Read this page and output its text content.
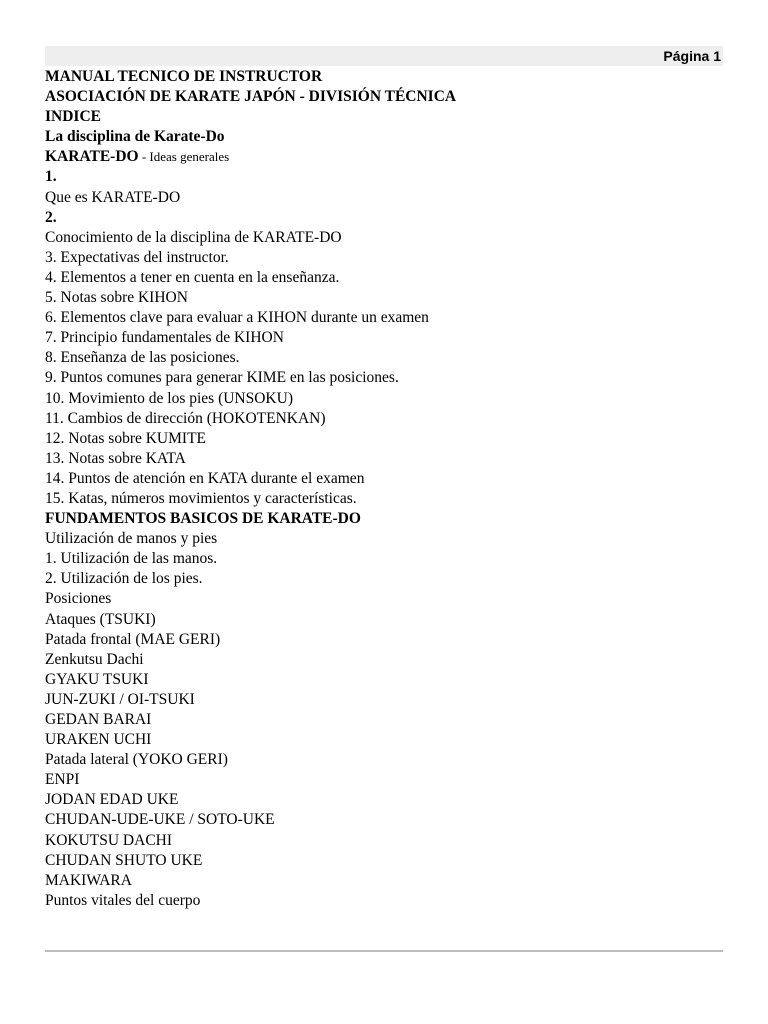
Página 1
MANUAL TECNICO DE INSTRUCTOR
ASOCIACIÓN DE KARATE JAPÓN - DIVISIÓN TÉCNICA
INDICE
La disciplina de Karate-Do
KARATE-DO - Ideas generales
1.
Que es KARATE-DO
2.
Conocimiento de la disciplina de KARATE-DO
3. Expectativas del instructor.
4. Elementos a tener en cuenta en la enseñanza.
5. Notas sobre KIHON
6. Elementos clave para evaluar a KIHON durante un examen
7. Principio fundamentales de KIHON
8. Enseñanza de las posiciones.
9. Puntos comunes para generar KIME en las posiciones.
10. Movimiento de los pies (UNSOKU)
11. Cambios de dirección (HOKOTENKAN)
12. Notas sobre KUMITE
13. Notas sobre KATA
14. Puntos de atención en KATA durante el examen
15. Katas, números movimientos y características.
FUNDAMENTOS BASICOS DE KARATE-DO
Utilización de manos y pies
1. Utilización de las manos.
2. Utilización de los pies.
Posiciones
Ataques (TSUKI)
Patada frontal (MAE GERI)
Zenkutsu Dachi
GYAKU TSUKI
JUN-ZUKI / OI-TSUKI
GEDAN BARAI
URAKEN UCHI
Patada lateral (YOKO GERI)
ENPI
JODAN EDAD UKE
CHUDAN-UDE-UKE / SOTO-UKE
KOKUTSU DACHI
CHUDAN SHUTO UKE
MAKIWARA
Puntos vitales del cuerpo
